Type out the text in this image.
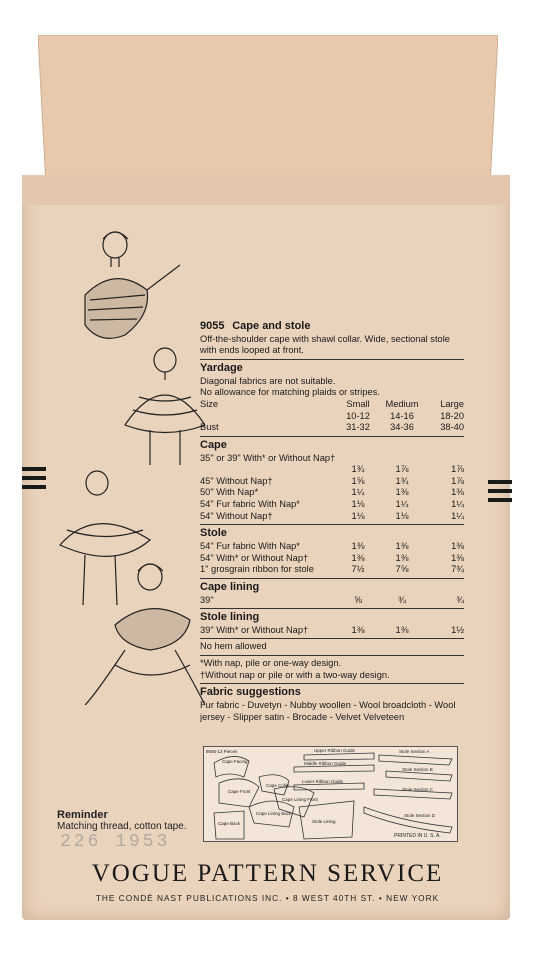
9055 Cape and stole
Off-the-shoulder cape with shawl collar. Wide, sectional stole with ends looped at front.
Yardage
Diagonal fabrics are not suitable.
No allowance for matching plaids or stripes.
Size	Small	Medium	Large
10-12	14-16	18-20
Bust	31-32	34-36	38-40
Cape
35" or 39" With* or Without Nap†
1¾	1⅞	1⅞
45" Without Nap†	1⅝	1¾	1⅞
50" With Nap*	1¼	1⅜	1⅜
54" Fur fabric With Nap*	1⅛	1¼	1¼
54" Without Nap†	1⅛	1⅛	1¼
Stole
54" Fur fabric With Nap*	1⅜	1⅜	1⅜
54" With* or Without Nap†	1⅜	1⅜	1⅜
1" grosgrain ribbon for stole	7½	7⅝	7¾
Cape lining
39"	⅝	¾	¾
Stole lining
39" With* or Without Nap†	1⅜	1⅜	1½
No hem allowed
*With nap, pile or one-way design.
†Without nap or pile or with a two-way design.
Fabric suggestions
Fur fabric - Duvetyn - Nubby woollen - Wool broadcloth - Wool jersey - Slipper satin - Brocade - Velvet Velveteen
9055-13 Pieces	Upper Ribbon Guide
Middle Ribbon Guide
Lower Ribbon Guide
Stole Section A
Stole Section B
Stole Section C
Stole Section D
Cape Facing
Cape Front
Cape Collar
Cape Lining Back
Cape Lining Front
Stole Lining
Cape Back
PRINTED IN U. S. A.
Reminder
Matching thread, cotton tape.
226 1953
VOGUE PATTERN SERVICE
THE CONDÉ NAST PUBLICATIONS INC. • 8 WEST 40TH ST. • NEW YORK
